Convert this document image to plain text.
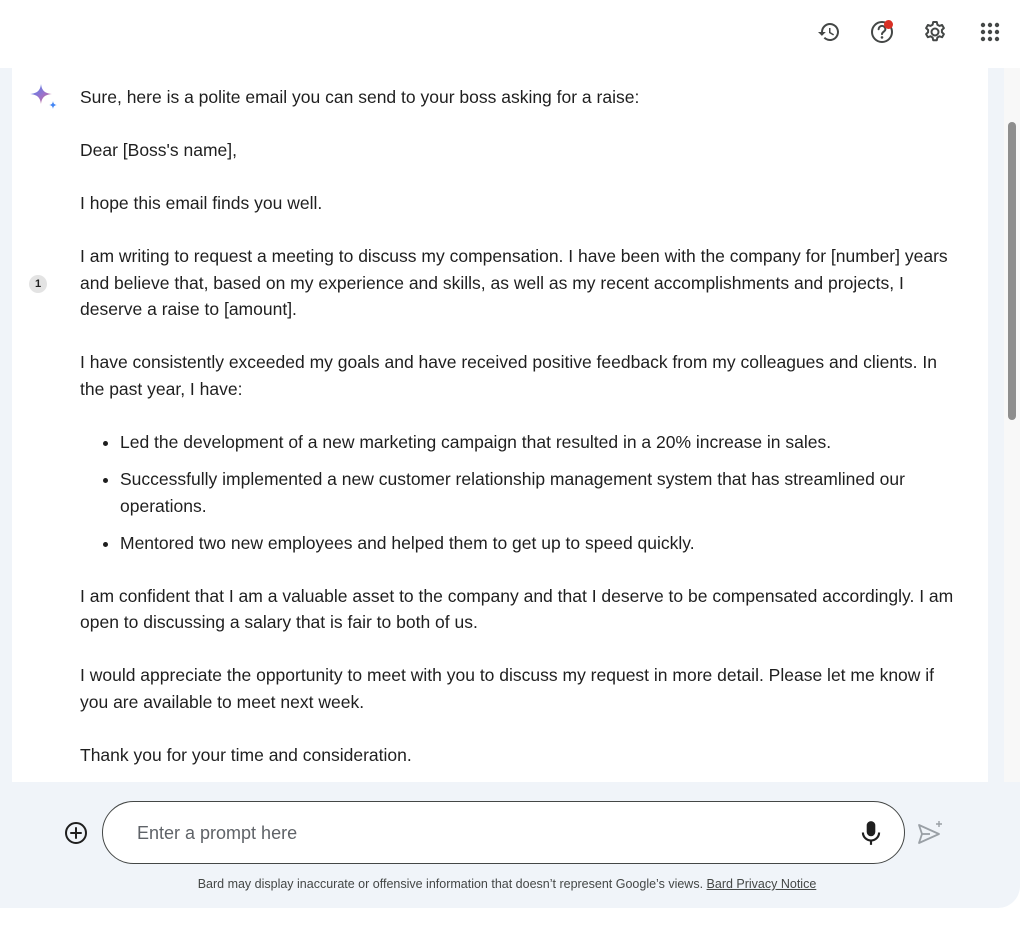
1

Sure, here is a polite email you can send to your boss asking for a raise:

Dear [Boss's name],

I hope this email finds you well.

I am writing to request a meeting to discuss my compensation. I have been with the company for [number] years and believe that, based on my experience and skills, as well as my recent accomplishments and projects, I deserve a raise to [amount].

I have consistently exceeded my goals and have received positive feedback from my colleagues and clients. In the past year, I have:

• Led the development of a new marketing campaign that resulted in a 20% increase in sales.
• Successfully implemented a new customer relationship management system that has streamlined our operations.
• Mentored two new employees and helped them to get up to speed quickly.

I am confident that I am a valuable asset to the company and that I deserve to be compensated accordingly. I am open to discussing a salary that is fair to both of us.

I would appreciate the opportunity to meet with you to discuss my request in more detail. Please let me know if you are available to meet next week.

Thank you for your time and consideration.

Enter a prompt here
Bard may display inaccurate or offensive information that doesn’t represent Google’s views. Bard Privacy Notice
